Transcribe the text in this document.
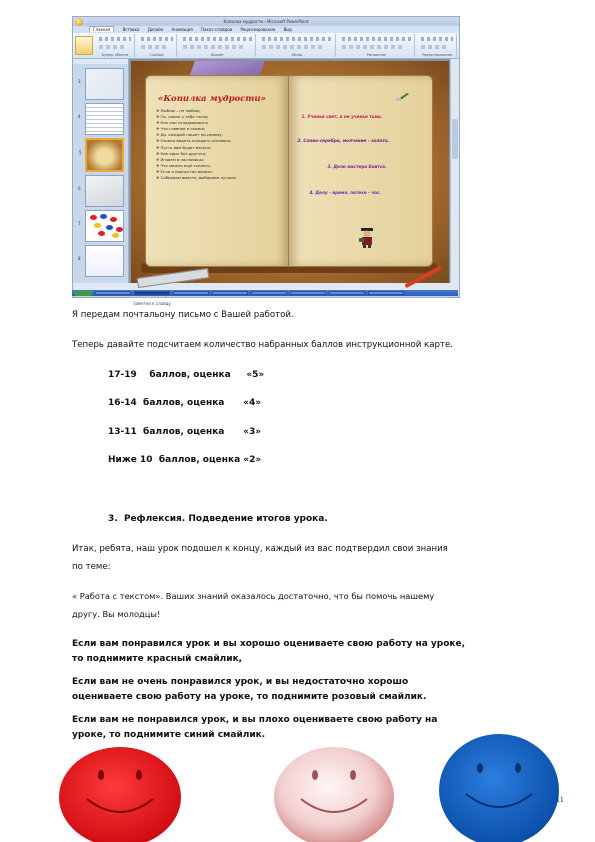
Копилка мудрости - Microsoft PowerPoint
Главная	Вставка Дизайн Анимация Показ слайдов Рецензирование Вид
Буфер обмена	Слайды	Шрифт	Абзац	Рисование	Редактирование
3
4
5
6
7
8
«Копилка мудрости»
❖ Люблю – не люблю;
❖ Ох, какие у тебя глаза;
❖ Как они складываются
❖ Что главное в сказке;
❖ Да, каждый пишет по-своему;
❖ Учимся видеть каждого человека;
❖ Пусть вам будет весело;
❖ Как один без другого;
❖ Играем в пословицы;
❖ Что можно ещё сказать;
❖ Если я пропустил вопрос;
❖ Собираем вместе, выбираем лучшее.
1. Ученье свет, а не ученье тьма.
2. Слово-серебро, молчание - золото.
3. Дело мастера боится.
4. Делу - время, потехе - час.
Заметки к слайду

Я передам почтальону письмо с Вашей работой.

Теперь давайте подсчитаем количество набранных баллов инструкционной карте.

17-19    баллов, оценка     «5»

16-14  баллов, оценка      «4»

13-11  баллов, оценка      «3»

Ниже 10  баллов, оценка «2»

3.  Рефлексия. Подведение итогов урока.

Итак, ребята, наш урок подошел к концу, каждый из вас подтвердил свои знания

по теме:

« Работа с текстом». Ваших знаний оказалось достаточно, что бы помочь нашему

другу. Вы молодцы!

Если вам понравился урок и вы хорошо оцениваете свою работу на уроке,

то поднимите красный смайлик,

Если вам не очень понравился урок, и вы недостаточно хорошо

оцениваете свою работу на уроке, то поднимите розовый смайлик.

Если вам не понравился урок, и вы плохо оцениваете свою работу на

уроке, то поднимите синий смайлик.

11
